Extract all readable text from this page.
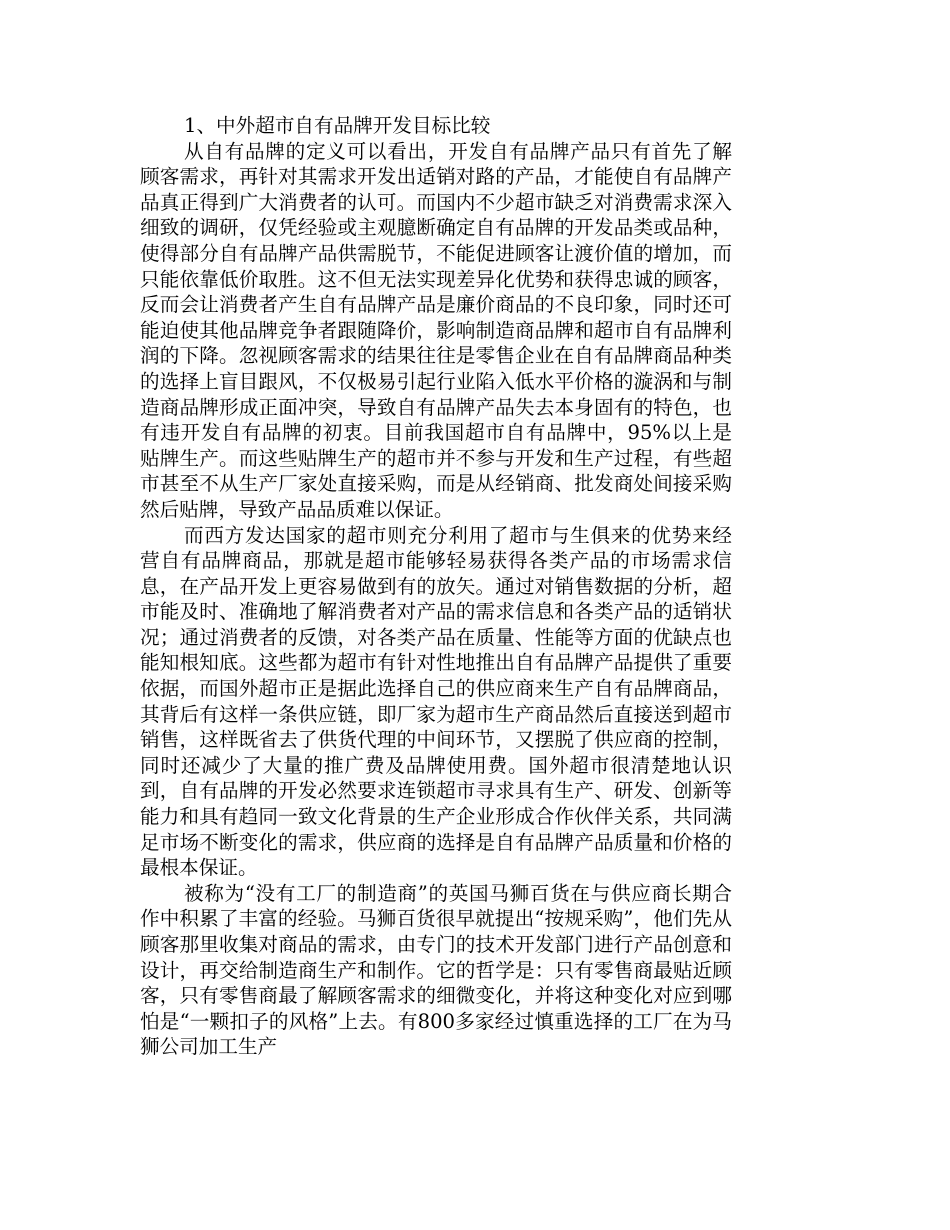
1、中外超市自有品牌开发目标比较

从自有品牌的定义可以看出，开发自有品牌产品只有首先了解顾客需求，再针对其需求开发出适销对路的产品，才能使自有品牌产品真正得到广大消费者的认可。而国内不少超市缺乏对消费需求深入细致的调研，仅凭经验或主观臆断确定自有品牌的开发品类或品种，使得部分自有品牌产品供需脱节，不能促进顾客让渡价值的增加，而只能依靠低价取胜。这不但无法实现差异化优势和获得忠诚的顾客，反而会让消费者产生自有品牌产品是廉价商品的不良印象，同时还可能迫使其他品牌竞争者跟随降价，影响制造商品牌和超市自有品牌利润的下降。忽视顾客需求的结果往往是零售企业在自有品牌商品种类的选择上盲目跟风，不仅极易引起行业陷入低水平价格的漩涡和与制造商品牌形成正面冲突，导致自有品牌产品失去本身固有的特色，也有违开发自有品牌的初衷。目前我国超市自有品牌中，95%以上是贴牌生产。而这些贴牌生产的超市并不参与开发和生产过程，有些超市甚至不从生产厂家处直接采购，而是从经销商、批发商处间接采购然后贴牌，导致产品品质难以保证。

而西方发达国家的超市则充分利用了超市与生俱来的优势来经营自有品牌商品，那就是超市能够轻易获得各类产品的市场需求信息，在产品开发上更容易做到有的放矢。通过对销售数据的分析，超市能及时、准确地了解消费者对产品的需求信息和各类产品的适销状况；通过消费者的反馈，对各类产品在质量、性能等方面的优缺点也能知根知底。这些都为超市有针对性地推出自有品牌产品提供了重要依据，而国外超市正是据此选择自己的供应商来生产自有品牌商品，其背后有这样一条供应链，即厂家为超市生产商品然后直接送到超市销售，这样既省去了供货代理的中间环节，又摆脱了供应商的控制，同时还减少了大量的推广费及品牌使用费。国外超市很清楚地认识到，自有品牌的开发必然要求连锁超市寻求具有生产、研发、创新等能力和具有趋同一致文化背景的生产企业形成合作伙伴关系，共同满足市场不断变化的需求，供应商的选择是自有品牌产品质量和价格的最根本保证。

被称为“没有工厂的制造商”的英国马狮百货在与供应商长期合作中积累了丰富的经验。马狮百货很早就提出“按规采购”，他们先从顾客那里收集对商品的需求，由专门的技术开发部门进行产品创意和设计，再交给制造商生产和制作。它的哲学是：只有零售商最贴近顾客，只有零售商最了解顾客需求的细微变化，并将这种变化对应到哪怕是“一颗扣子的风格”上去。有800多家经过慎重选择的工厂在为马狮公司加工生产
